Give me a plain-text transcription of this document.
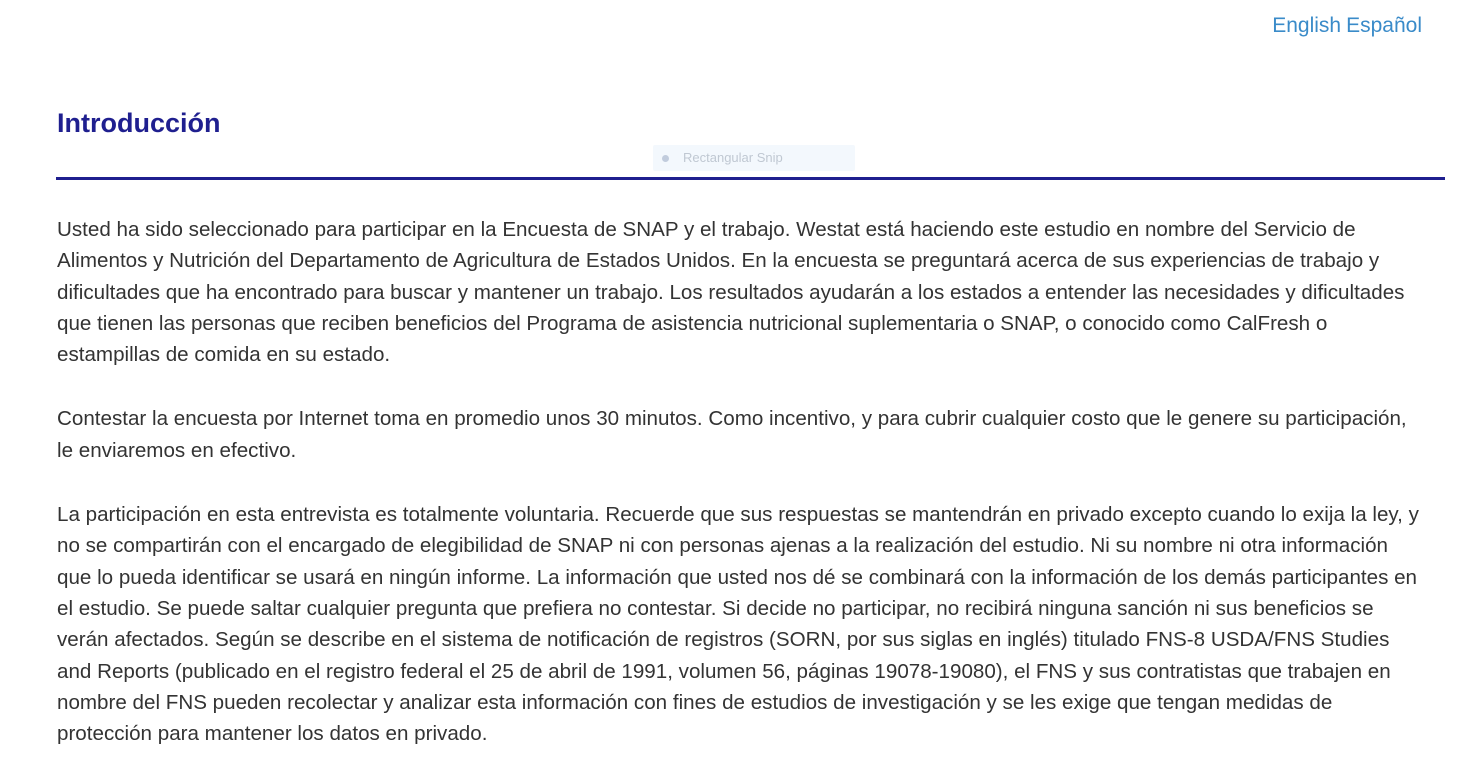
English Español
Introducción
Rectangular Snip

Usted ha sido seleccionado para participar en la Encuesta de SNAP y el trabajo. Westat está haciendo este estudio en nombre del Servicio de Alimentos y Nutrición del Departamento de Agricultura de Estados Unidos. En la encuesta se preguntará acerca de sus experiencias de trabajo y dificultades que ha encontrado para buscar y mantener un trabajo. Los resultados ayudarán a los estados a entender las necesidades y dificultades que tienen las personas que reciben beneficios del Programa de asistencia nutricional suplementaria o SNAP, o conocido como CalFresh o estampillas de comida en su estado.

Contestar la encuesta por Internet toma en promedio unos 30 minutos. Como incentivo, y para cubrir cualquier costo que le genere su participación, le enviaremos en efectivo.

La participación en esta entrevista es totalmente voluntaria. Recuerde que sus respuestas se mantendrán en privado excepto cuando lo exija la ley, y no se compartirán con el encargado de elegibilidad de SNAP ni con personas ajenas a la realización del estudio. Ni su nombre ni otra información que lo pueda identificar se usará en ningún informe. La información que usted nos dé se combinará con la información de los demás participantes en el estudio. Se puede saltar cualquier pregunta que prefiera no contestar. Si decide no participar, no recibirá ninguna sanción ni sus beneficios se verán afectados. Según se describe en el sistema de notificación de registros (SORN, por sus siglas en inglés) titulado FNS-8 USDA/FNS Studies and Reports (publicado en el registro federal el 25 de abril de 1991, volumen 56, páginas 19078-19080), el FNS y sus contratistas que trabajen en nombre del FNS pueden recolectar y analizar esta información con fines de estudios de investigación y se les exige que tengan medidas de protección para mantener los datos en privado.
